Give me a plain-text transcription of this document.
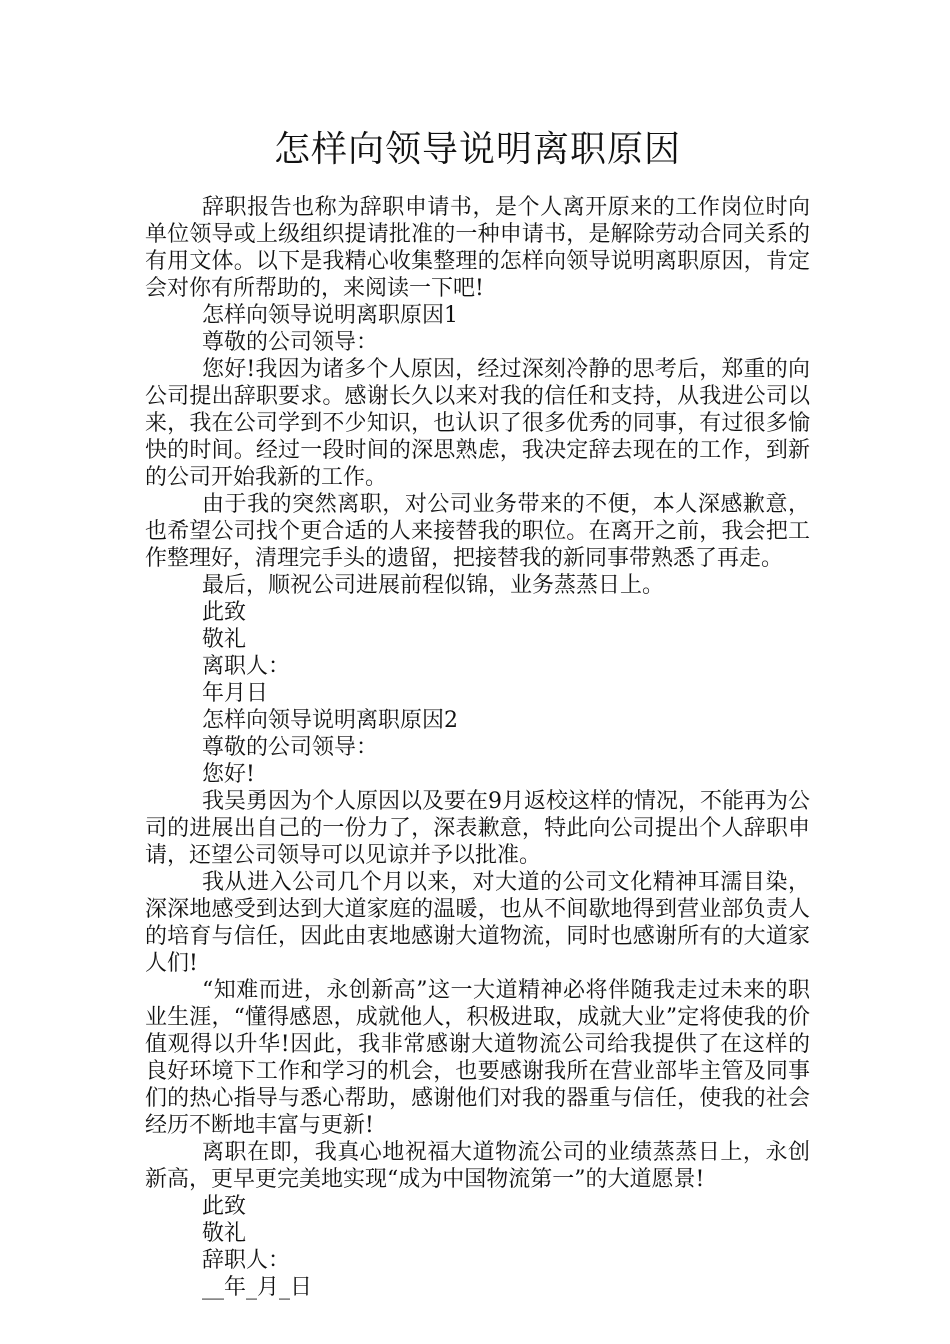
怎样向领导说明离职原因

辞职报告也称为辞职申请书，是个人离开原来的工作岗位时向单位领导或上级组织提请批准的一种申请书，是解除劳动合同关系的有用文体。以下是我精心收集整理的怎样向领导说明离职原因，肯定会对你有所帮助的，来阅读一下吧!

怎样向领导说明离职原因1

尊敬的公司领导：

您好!我因为诸多个人原因，经过深刻冷静的思考后，郑重的向公司提出辞职要求。感谢长久以来对我的信任和支持，从我进公司以来，我在公司学到不少知识，也认识了很多优秀的同事，有过很多愉快的时间。经过一段时间的深思熟虑，我决定辞去现在的工作，到新的公司开始我新的工作。

由于我的突然离职，对公司业务带来的不便，本人深感歉意，也希望公司找个更合适的人来接替我的职位。在离开之前，我会把工作整理好，清理完手头的遗留，把接替我的新同事带熟悉了再走。

最后，顺祝公司进展前程似锦，业务蒸蒸日上。

此致

敬礼

离职人：

年月日

怎样向领导说明离职原因2

尊敬的公司领导：

您好!

我吴勇因为个人原因以及要在9月返校这样的情况，不能再为公司的进展出自己的一份力了，深表歉意，特此向公司提出个人辞职申请，还望公司领导可以见谅并予以批准。

我从进入公司几个月以来，对大道的公司文化精神耳濡目染，深深地感受到达到大道家庭的温暖，也从不间歇地得到营业部负责人的培育与信任，因此由衷地感谢大道物流，同时也感谢所有的大道家人们!

“知难而进，永创新高”这一大道精神必将伴随我走过未来的职业生涯，“懂得感恩，成就他人，积极进取，成就大业”定将使我的价值观得以升华!因此，我非常感谢大道物流公司给我提供了在这样的良好环境下工作和学习的机会，也要感谢我所在营业部毕主管及同事们的热心指导与悉心帮助，感谢他们对我的器重与信任，使我的社会经历不断地丰富与更新!

离职在即，我真心地祝福大道物流公司的业绩蒸蒸日上，永创新高，更早更完美地实现“成为中国物流第一”的大道愿景!

此致

敬礼

辞职人：

__年_月_日
